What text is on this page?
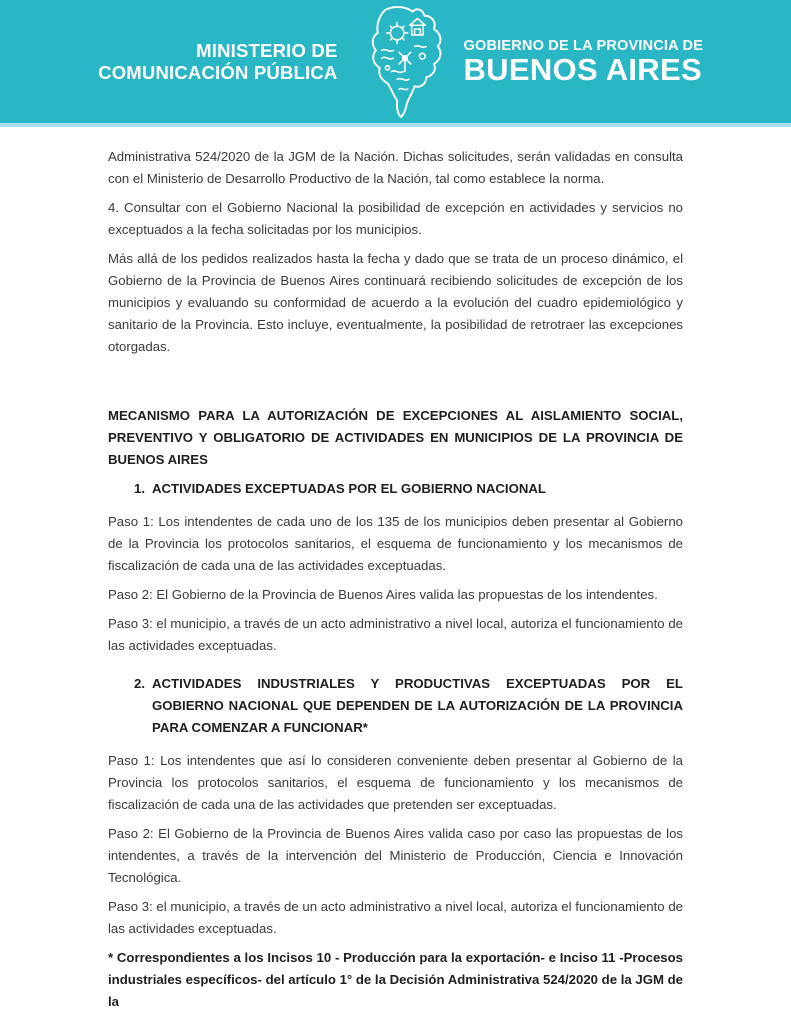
MINISTERIO DE
COMUNICACIÓN PÚBLICA
GOBIERNO DE LA PROVINCIA DE
BUENOS AIRES

Administrativa 524/2020 de la JGM de la Nación. Dichas solicitudes, serán validadas en consulta con el Ministerio de Desarrollo Productivo de la Nación, tal como establece la norma.

4. Consultar con el Gobierno Nacional la posibilidad de excepción en actividades y servicios no exceptuados a la fecha solicitadas por los municipios.

Más allá de los pedidos realizados hasta la fecha y dado que se trata de un proceso dinámico, el Gobierno de la Provincia de Buenos Aires continuará recibiendo solicitudes de excepción de los municipios y evaluando su conformidad de acuerdo a la evolución del cuadro epidemiológico y sanitario de la Provincia. Esto incluye, eventualmente, la posibilidad de retrotraer las excepciones otorgadas.

MECANISMO PARA LA AUTORIZACIÓN DE EXCEPCIONES AL AISLAMIENTO SOCIAL, PREVENTIVO Y OBLIGATORIO DE ACTIVIDADES EN MUNICIPIOS DE LA PROVINCIA DE BUENOS AIRES

1. ACTIVIDADES EXCEPTUADAS POR EL GOBIERNO NACIONAL

Paso 1: Los intendentes de cada uno de los 135 de los municipios deben presentar al Gobierno de la Provincia los protocolos sanitarios, el esquema de funcionamiento y los mecanismos de fiscalización de cada una de las actividades exceptuadas.

Paso 2: El Gobierno de la Provincia de Buenos Aires valida las propuestas de los intendentes.

Paso 3: el municipio, a través de un acto administrativo a nivel local, autoriza el funcionamiento de las actividades exceptuadas.

2. ACTIVIDADES INDUSTRIALES Y PRODUCTIVAS EXCEPTUADAS POR EL GOBIERNO NACIONAL QUE DEPENDEN DE LA AUTORIZACIÓN DE LA PROVINCIA PARA COMENZAR A FUNCIONAR*

Paso 1: Los intendentes que así lo consideren conveniente deben presentar al Gobierno de la Provincia los protocolos sanitarios, el esquema de funcionamiento y los mecanismos de fiscalización de cada una de las actividades que pretenden ser exceptuadas.

Paso 2: El Gobierno de la Provincia de Buenos Aires valida caso por caso las propuestas de los intendentes, a través de la intervención del Ministerio de Producción, Ciencia e Innovación Tecnológica.

Paso 3: el municipio, a través de un acto administrativo a nivel local, autoriza el funcionamiento de las actividades exceptuadas.

* Correspondientes a los Incisos 10 - Producción para la exportación- e Inciso 11 -Procesos industriales específicos- del artículo 1° de la Decisión Administrativa 524/2020 de la JGM de la
